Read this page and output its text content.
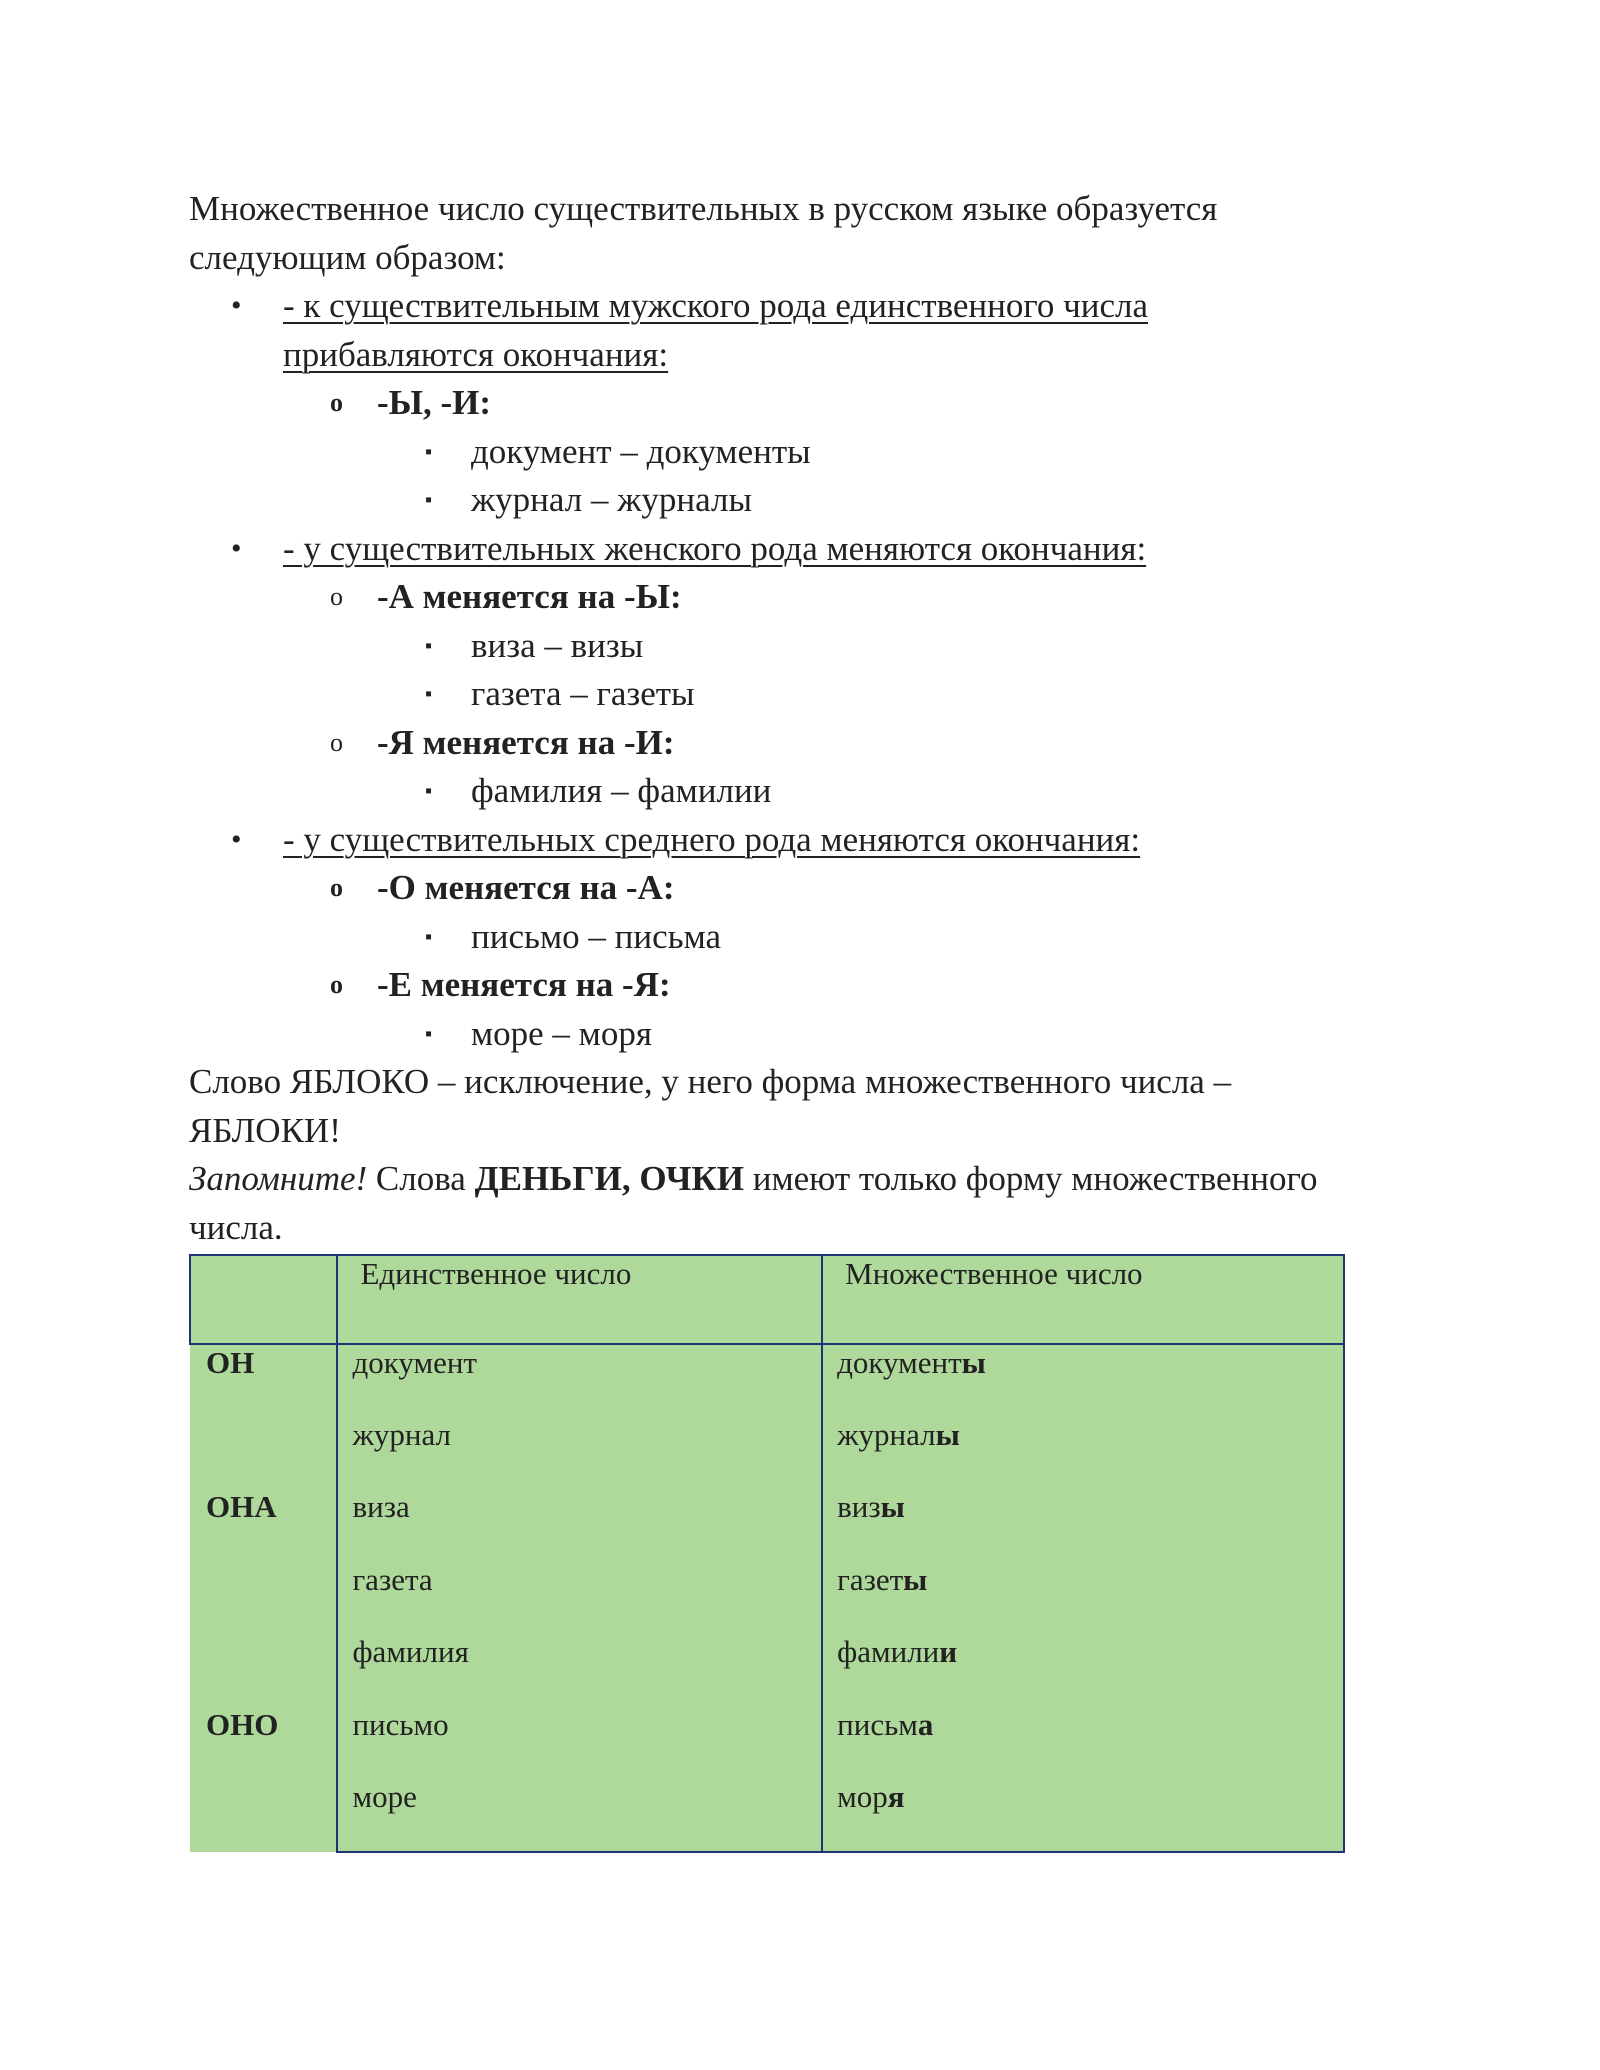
Множественное число существительных в русском языке образуется

следующим образом:

• - к существительным мужского рода единственного числа
прибавляются окончания:
o -Ы, -И:
▪ документ – документы
▪ журнал – журналы
• - у существительных женского рода меняются окончания:
o -А меняется на -Ы:
▪ виза – визы
▪ газета – газеты
o -Я меняется на -И:
▪ фамилия – фамилии
• - у существительных среднего рода меняются окончания:
o -О меняется на -А:
▪ письмо – письма
o -Е меняется на -Я:
▪ море – моря

Слово ЯБЛОКО – исключение, у него форма множественного числа –

ЯБЛОКИ!

Запомните! Слова ДЕНЬГИ, ОЧКИ имеют только форму множественного

числа.

	Единственное число	Множественное число
ОН	документ	документы
	журнал	журналы
ОНА	виза	визы
	газета	газеты
	фамилия	фамилии
ОНО	письмо	письма
	море	моря
